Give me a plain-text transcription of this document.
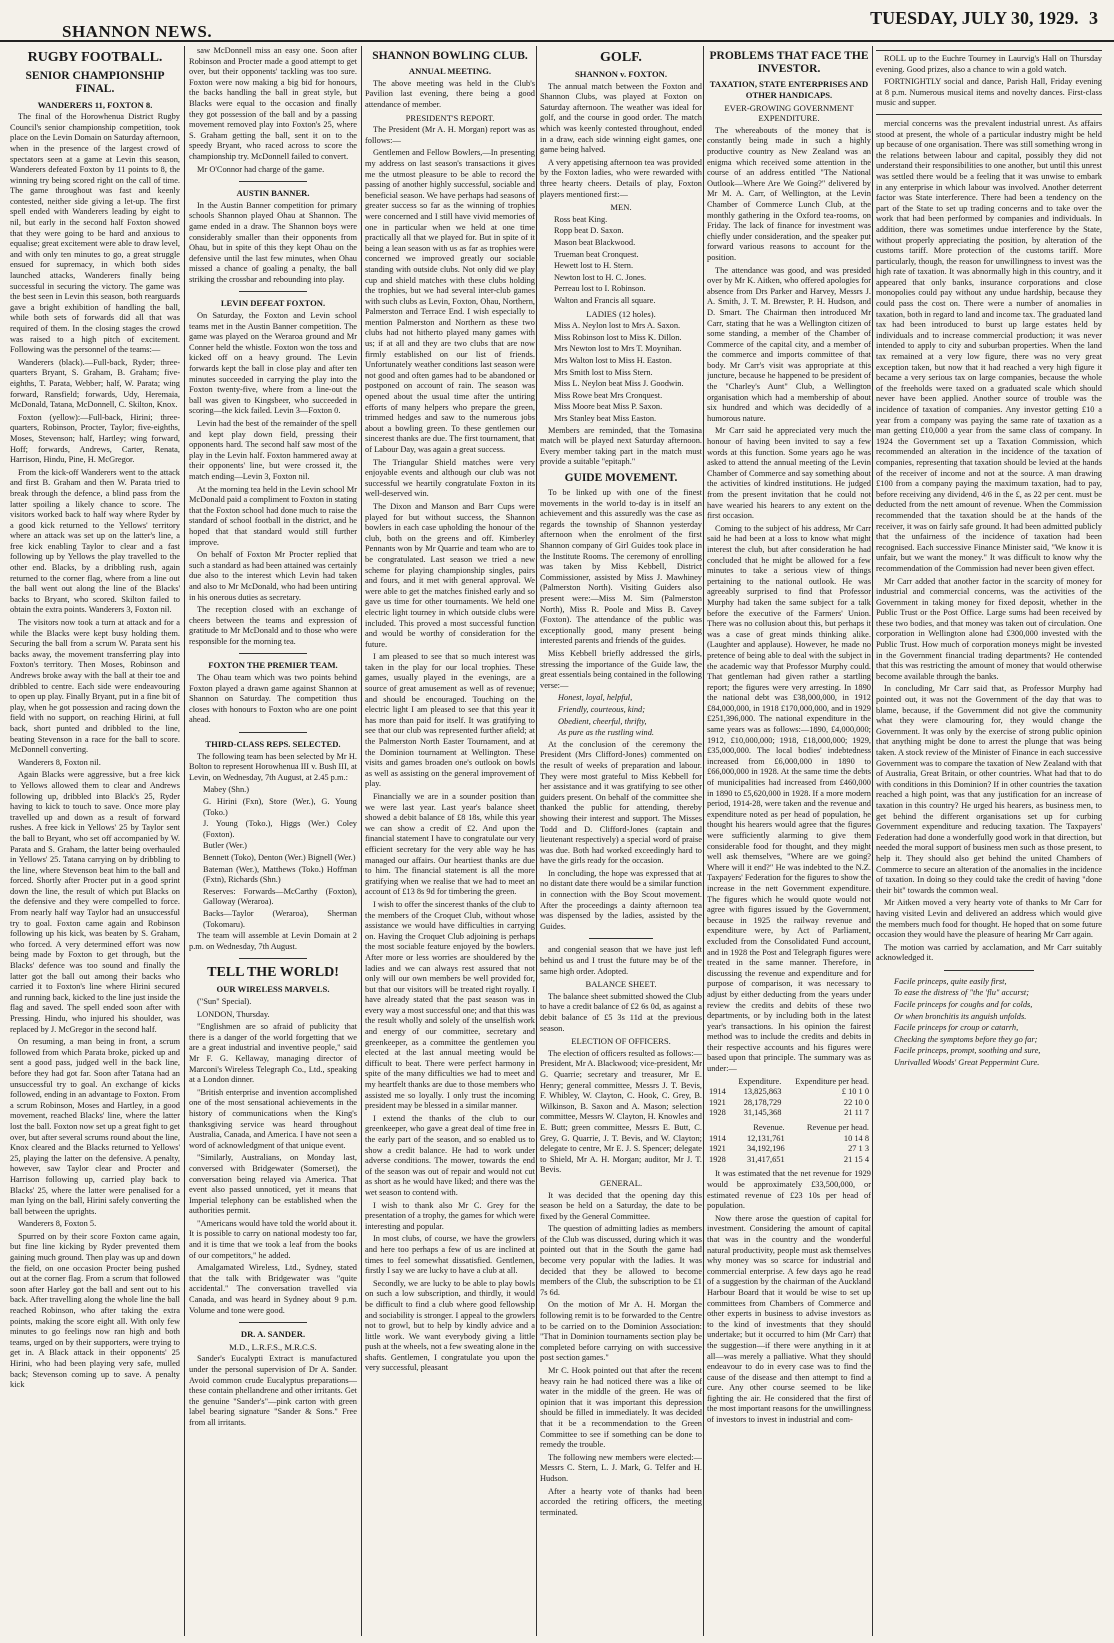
SHANNON NEWS.
TUESDAY, JULY 30, 1929. 3
RUGBY FOOTBALL.
SENIOR CHAMPIONSHIP FINAL.
WANDERERS 11, FOXTON 8.

The final of the Horowhenua District Rugby Council's senior championship competition, took place on the Levin Domain on Saturday afternoon, when in the presence of the largest crowd of spectators seen at a game at Levin this season, Wanderers defeated Foxton by 11 points to 8, the winning try being scored right on the call of time. The game throughout was fast and keenly contested, neither side giving a let-up. The first spell ended with Wanderers leading by eight to nil, but early in the second half Foxton showed that they were going to be hard and anxious to equalise; great excitement were able to draw level, and with only ten minutes to go, a great struggle ensued for supremacy, in which both sides launched attacks, Wanderers finally being successful in securing the victory. The game was the best seen in Levin this season, both rearguards gave a bright exhibition of handling the ball, while both sets of forwards did all that was required of them. In the closing stages the crowd was raised to a high pitch of excitement. Following was the personnel of the teams:—

Wanderers (black).—Full-back, Ryder; three-quarters Bryant, S. Graham, B. Graham; five-eighths, T. Parata, Webber; half, W. Parata; wing forward, Ransfield; forwards, Udy, Heremaia, McDonald, Tatana, McDonnell, C. Skilton, Knox.

Foxton (yellow):—Full-back, Hirini; three-quarters, Robinson, Procter, Taylor; five-eighths, Moses, Stevenson; half, Hartley; wing forward, Hoff; forwards, Andrews, Carter, Renata, Harrison, Hindu, Pine, H. McGregor.

From the kick-off Wanderers went to the attack and first B. Graham and then W. Parata tried to break through the defence, a blind pass from the latter spoiling a likely chance to score. The visitors worked back to half way where Ryder by a good kick returned to the Yellows' territory where an attack was set up on the latter's line, a free kick enabling Taylor to clear and a fast following up by Yellows the play travelled to the other end. Blacks, by a dribbling rush, again returned to the corner flag, where from a line out the ball went out along the line of the Blacks' backs to Bryant, who scored. Skilton failed to obtain the extra points. Wanderers 3, Foxton nil.

The visitors now took a turn at attack and for a while the Blacks were kept busy holding them. Securing the ball from a scrum W. Parata sent his backs away, the movement transferring play into Foxton's territory. Then Moses, Robinson and Andrews broke away with the ball at their toe and dribbled to centre. Each side were endeavouring to open up play. Finally Bryant, put in a fine bit of play, when he got possession and racing down the field with no support, on reaching Hirini, at full back, short punted and dribbled to the line, beating Stevenson in a race for the ball to score. McDonnell converting.

Wanderers 8, Foxton nil.

Again Blacks were aggressive, but a free kick to Yellows allowed them to clear and Andrews following up, dribbled into Black's 25, Ryder having to kick to touch to save. Once more play travelled up and down as a result of forward rushes. A free kick in Yellows' 25 by Taylor sent the ball to Bryant, who set off accompanied by W. Parata and S. Graham, the latter being overhauled in Yellows' 25. Tatana carrying on by dribbling to the line, where Stevenson beat him to the ball and forced. Shortly after Procter put in a good sprint down the line, the result of which put Blacks on the defensive and they were compelled to force. From nearly half way Taylor had an unsuccessful try to goal. Foxton came again and Robinson following up his kick, was beaten by S. Graham, who forced. A very determined effort was now being made by Foxton to get through, but the Blacks' defence was too sound and finally the latter got the ball out among their backs who carried it to Foxton's line where Hirini secured and running back, kicked to the line just inside the flag and saved. The spell ended soon after with Pressing. Hindu, who injured his shoulder, was replaced by J. McGregor in the second half.

On resuming, a man being in front, a scrum followed from which Parata broke, picked up and sent a good pass, judged well in the back line, before they had got far. Soon after Tatana had an unsuccessful try to goal. An exchange of kicks followed, ending in an advantage to Foxton. From a scrum Robinson, Moses and Hartley, in a good movement, reached Blacks' line, where the latter lost the ball. Foxton now set up a great fight to get over, but after several scrums round about the line, Knox cleared and the Blacks returned to Yellows' 25, playing the latter on the defensive. A penalty, however, saw Taylor clear and Procter and Harrison following up, carried play back to Blacks' 25, where the latter were penalised for a man lying on the ball, Hirini safely converting the ball between the uprights.

Wanderers 8, Foxton 5.

Spurred on by their score Foxton came again, but fine line kicking by Ryder prevented them gaining much ground. Then play was up and down the field, on one occasion Procter being pushed out at the corner flag. From a scrum that followed soon after Harley got the ball and sent out to his back. After travelling along the whole line the ball reached Robinson, who after taking the extra points, making the score eight all. With only few minutes to go feelings now ran high and both teams, urged on by their supporters, were trying to get in. A Black attack in their opponents' 25 Hirini, who had been playing very safe, mulled back; Stevenson coming up to save. A penalty kick

saw McDonnell miss an easy one. Soon after Robinson and Procter made a good attempt to get over, but their opponents' tackling was too sure. Foxton were now making a big bid for honours, the backs handling the ball in great style, but Blacks were equal to the occasion and finally they got possession of the ball and by a passing movement removed play into Foxton's 25, where S. Graham getting the ball, sent it on to the speedy Bryant, who raced across to score the championship try. McDonnell failed to convert.

Mr O'Connor had charge of the game.

AUSTIN BANNER.

In the Austin Banner competition for primary schools Shannon played Ohau at Shannon. The game ended in a draw. The Shannon boys were considerably smaller than their opponents from Ohau, but in spite of this they kept Ohau on the defensive until the last few minutes, when Ohau missed a chance of goaling a penalty, the ball striking the crossbar and rebounding into play.

LEVIN DEFEAT FOXTON.

On Saturday, the Foxton and Levin school teams met in the Austin Banner competition. The game was played on the Weraroa ground and Mr Conner held the whistle. Foxton won the toss and kicked off on a heavy ground. The Levin forwards kept the ball in close play and after ten minutes succeeded in carrying the play into the Foxton twenty-five, where from a line-out the ball was given to Kingsbeer, who succeeded in scoring—the kick failed. Levin 3—Foxton 0.

Levin had the best of the remainder of the spell and kept play down field, pressing their opponents hard. The second half saw most of the play in the Levin half. Foxton hammered away at their opponents' line, but were crossed it, the match ending—Levin 3, Foxton nil.

At the morning tea held in the Levin school Mr McDonald paid a compliment to Foxton in stating that the Foxton school had done much to raise the standard of school football in the district, and he hoped that that standard would still further improve.

On behalf of Foxton Mr Procter replied that such a standard as had been attained was certainly due also to the interest which Levin had taken and also to Mr McDonald, who had been untiring in his onerous duties as secretary.

The reception closed with an exchange of cheers between the teams and expression of gratitude to Mr McDonald and to those who were responsible for the morning tea.

FOXTON THE PREMIER TEAM.

The Ohau team which was two points behind Foxton played a drawn game against Shannon at Shannon on Saturday. The competition thus closes with honours to Foxton who are one point ahead.

THIRD-CLASS REPS. SELECTED.

The following team has been selected by Mr H. Bolton to represent Horowhenua III v. Bush III, at Levin, on Wednesday, 7th August, at 2.45 p.m.:

Mabey (Shn.)

G. Hirini (Fxn), Store (Wer.), G. Young (Toko.)

J. Young (Toko.), Higgs (Wer.) Coley (Foxton).

Butler (Wer.)

Bennett (Toko), Denton (Wer.) Bignell (Wer.)

Bateman (Wer.), Matthews (Toko.) Hoffman (Fxtn), Richards (Shn.)

Reserves: Forwards—McCarthy (Foxton), Galloway (Weraroa).

Backs—Taylor (Weraroa), Sherman (Tokomaru).

The team will assemble at Levin Domain at 2 p.m. on Wednesday, 7th August.

TELL THE WORLD!
OUR WIRELESS MARVELS.

("Sun" Special).

LONDON, Thursday.

"Englishmen are so afraid of publicity that there is a danger of the world forgetting that we are a great industrial and inventive people," said Mr F. G. Kellaway, managing director of Marconi's Wireless Telegraph Co., Ltd., speaking at a London dinner.

"British enterprise and invention accomplished one of the most sensational achievements in the history of communications when the King's thanksgiving service was heard throughout Australia, Canada, and America. I have not seen a word of acknowledgment of that unique event.

"Similarly, Australians, on Monday last, conversed with Bridgewater (Somerset), the conversation being relayed via America. That event also passed unnoticed, yet it means that Imperial telephony can be established when the authorities permit.

"Americans would have told the world about it. It is possible to carry on national modesty too far, and it is time that we took a leaf from the books of our competitors," he added.

Amalgamated Wireless, Ltd., Sydney, stated that the talk with Bridgewater was "quite accidental." The conversation travelled via Canada, and was heard in Sydney about 9 p.m. Volume and tone were good.

DR. A. SANDER.
M.D., L.R.F.S., M.R.C.S.

Sander's Eucalypti Extract is manufactured under the personal supervision of Dr A. Sander. Avoid common crude Eucalyptus preparations—these contain phellandrene and other irritants. Get the genuine "Sander's"—pink carton with green label bearing signature "Sander & Sons." Free from all irritants.

SHANNON BOWLING CLUB.
ANNUAL MEETING.

The above meeting was held in the Club's Pavilion last evening, there being a good attendance of member.

PRESIDENT'S REPORT.

The President (Mr A. H. Morgan) report was as follows:—

Gentlemen and Fellow Bowlers,—In presenting my address on last season's transactions it gives me the utmost pleasure to be able to record the passing of another highly successful, sociable and beneficial season. We have perhaps had seasons of greater success so far as the winning of trophies were concerned and I still have vivid memories of one in particular when we held at one time practically all that we played for. But in spite of it being a lean season with us as far as trophies were concerned we improved greatly our sociable standing with outside clubs. Not only did we play cup and shield matches with these clubs holding the trophies, but we had several inter-club games with such clubs as Levin, Foxton, Ohau, Northern, Palmerston and Terrace End. I wish especially to mention Palmerston and Northern as these two clubs had not hitherto played many games with us; if at all and they are two clubs that are now firmly established on our list of friends. Unfortunately weather conditions last season were not good and often games had to be abandoned or postponed on account of rain. The season was opened about the usual time after the untiring efforts of many helpers who prepare the green, trimmed hedges and saw to the numerous jobs about a bowling green. To these gentlemen our sincerest thanks are due. The first tournament, that of Labour Day, was again a great success.

The Triangular Shield matches were very enjoyable events and although our club was not successful we heartily congratulate Foxton in its well-deserved win.

The Dixon and Manson and Barr Cups were played for but without success, the Shannon bowlers in each case upholding the honour of the club, both on the greens and off. Kimberley Pennants won by Mr Quarrie and team who are to be congratulated. Last season we tried a new scheme for playing championship singles, pairs and fours, and it met with general approval. We were able to get the matches finished early and so gave us time for other tournaments. We held one electric light tourney in which outside clubs were included. This proved a most successful function and would be worthy of consideration for the future.

I am pleased to see that so much interest was taken in the play for our local trophies. These games, usually played in the evenings, are a source of great amusement as well as of revenue; and should be encouraged. Touching on the electric light I am pleased to see that this year it has more than paid for itself. It was gratifying to see that our club was represented further afield; at the Palmerston North Easter Tournament, and at the Dominion tournament at Wellington. These visits and games broaden one's outlook on bowls as well as assisting on the general improvement of play.

Financially we are in a sounder position than we were last year. Last year's balance sheet showed a debit balance of £8 18s, while this year we can show a credit of £2. And upon the financial statement I have to congratulate our very efficient secretary for the very able way he has managed our affairs. Our heartiest thanks are due to him. The financial statement is all the more gratifying when we realise that we had to meet an account of £13 8s 9d for timbering the green.

I wish to offer the sincerest thanks of the club to the members of the Croquet Club, without whose assistance we would have difficulties in carrying on. Having the Croquet Club adjoining is perhaps the most sociable feature enjoyed by the bowlers. After more or less worries are shouldered by the ladies and we can always rest assured that not only will our own members be well provided for, but that our visitors will be treated right royally. I have already stated that the past season was in every way a most successful one; and that this was the result wholly and solely of the unselfish work and energy of our committee, secretary and greenkeeper, as a committee the gentlemen you elected at the last annual meeting would be difficult to beat. There were perfect harmony in spite of the many difficulties we had to meet and my heartfelt thanks are due to those members who assisted me so loyally. I only trust the incoming president may be blessed in a similar manner.

I extend the thanks of the club to our greenkeeper, who gave a great deal of time free in the early part of the season, and so enabled us to show a credit balance. He had to work under adverse conditions. The mower, towards the end of the season was out of repair and would not cut as short as he would have liked; and there was the wet season to contend with.

I wish to thank also Mr C. Grey for the presentation of a trophy, the games for which were interesting and popular.

In most clubs, of course, we have the growlers and here too perhaps a few of us are inclined at times to feel somewhat dissatisfied. Gentlemen, firstly I say we are lucky to have a club at all.

Secondly, we are lucky to be able to play bowls on such a low subscription, and thirdly, it would be difficult to find a club where good fellowship and sociability is stronger. I appeal to the growlers not to growl, but to help by kindly advice and a little work. We want everybody giving a little push at the wheels, not a few sweating alone in the shafts. Gentlemen, I congratulate you upon the very successful, pleasant

GOLF.
SHANNON v. FOXTON.

The annual match between the Foxton and Shannon Clubs, was played at Foxton on Saturday afternoon. The weather was ideal for golf, and the course in good order. The match which was keenly contested throughout, ended in a draw, each side winning eight games, one game being halved.

A very appetising afternoon tea was provided by the Foxton ladies, who were rewarded with three hearty cheers. Details of play, Foxton players mentioned first:—

MEN.

Ross beat King.

Ropp beat D. Saxon.

Mason beat Blackwood.

Trueman beat Cronquest.

Hewett lost to H. Stern.

Newton lost to H. C. Jones.

Perreau lost to I. Robinson.

Walton and Francis all square.

LADIES (12 holes).

Miss A. Neylon lost to Mrs A. Saxon.

Miss Robinson lost to Miss K. Dillon.

Mrs Newton lost to Mrs T. Moynihan.

Mrs Walton lost to Miss H. Easton.

Mrs Smith lost to Miss Stern.

Miss L. Neylon beat Miss J. Goodwin.

Miss Rowe beat Mrs Cronquest.

Miss Moore beat Miss P. Saxon.

Mrs Stanley beat Miss Easton.

Members are reminded, that the Tomasina match will be played next Saturday afternoon. Every member taking part in the match must provide a suitable "epitaph."

GUIDE MOVEMENT.

To be linked up with one of the finest movements in the world to-day is in itself an achievement and this assuredly was the case as regards the township of Shannon yesterday afternoon when the enrolment of the first Shannon company of Girl Guides took place in the Institute Rooms. The ceremony of enrolling was taken by Miss Kebbell, District Commissioner, assisted by Miss J. Mawhiney (Palmerston North). Visiting Guiders also present were:—Miss M. Sim (Palmerston North), Miss R. Poole and Miss B. Cavey (Foxton). The attendance of the public was exceptionally good, many present being interested parents and friends of the guides.

Miss Kebbell briefly addressed the girls, stressing the importance of the Guide law, the great essentials being contained in the following verse:—

Honest, loyal, helpful,

Friendly, courteous, kind;

Obedient, cheerful, thrifty,

As pure as the rustling wind.

At the conclusion of the ceremony the President (Mrs Clifford-Jones) commented on the result of weeks of preparation and labour. They were most grateful to Miss Kebbell for her assistance and it was gratifying to see other guiders present. On behalf of the committee she thanked the public for attending, thereby showing their interest and support. The Misses Todd and D. Clifford-Jones (captain and lieutenant respectively) a special word of praise was due. Both had worked exceedingly hard to have the girls ready for the occasion.

In concluding, the hope was expressed that at no distant date there would be a similar function in connection with the Boy Scout movement. After the proceedings a dainty afternoon tea was dispensed by the ladies, assisted by the Guides.

and congenial season that we have just left behind us and I trust the future may be of the same high order. Adopted.

BALANCE SHEET.

The balance sheet submitted showed the Club to have a credit balance of £2 6s 0d, as against a debit balance of £5 3s 11d at the previous season.

ELECTION OF OFFICERS.

The election of officers resulted as follows:—President, Mr A. Blackwood; vice-president, Mr G. Quarrie; secretary and treasurer, Mr E. Henry; general committee, Messrs J. T. Bevis, F. Whibley, W. Clayton, C. Hook, C. Grey, B. Wilkinson, B. Saxon and A. Mason; selection committee, Messrs W. Clayton, H. Knowles and E. Butt; green committee, Messrs E. Butt, C. Grey, G. Quarrie, J. T. Bevis, and W. Clayton; delegate to centre, Mr E. J. S. Spencer; delegate to Shield, Mr A. H. Morgan; auditor, Mr J. T. Bevis.

GENERAL.

It was decided that the opening day this season be held on a Saturday, the date to be fixed by the General Committee.

The question of admitting ladies as members of the Club was discussed, during which it was pointed out that in the South the game had become very popular with the ladies. It was decided that they be allowed to become members of the Club, the subscription to be £1 7s 6d.

On the motion of Mr A. H. Morgan the following remit is to be forwarded to the Centre to be carried on to the Dominion Association: "That in Dominion tournaments section play be completed before carrying on with successive post section games."

Mr C. Hook pointed out that after the recent heavy rain he had noticed there was a like of water in the middle of the green. He was of opinion that it was important this depression should be filled in immediately. It was decided that it be a recommendation to the Green Committee to see if something can be done to remedy the trouble.

The following new members were elected:—Messrs C. Stern, L. J. Mark, G. Telfer and H. Hudson.

After a hearty vote of thanks had been accorded the retiring officers, the meeting terminated.

PROBLEMS THAT FACE THE INVESTOR.
TAXATION, STATE ENTERPRISES AND OTHER HANDICAPS.
EVER-GROWING GOVERNMENT EXPENDITURE.

The whereabouts of the money that is constantly being made in such a highly productive country as New Zealand was an enigma which received some attention in the course of an address entitled "The National Outlook—Where Are We Going?" delivered by Mr M. A. Carr, of Wellington, at the Levin Chamber of Commerce Lunch Club, at the monthly gathering in the Oxford tea-rooms, on Friday. The lack of finance for investment was chiefly under consideration, and the speaker put forward various reasons to account for the position.

The attendance was good, and was presided over by Mr K. Aitken, who offered apologies for absence from Drs Parker and Harvey, Messrs J. A. Smith, J. T. M. Brewster, P. H. Hudson, and D. Smart. The Chairman then introduced Mr Carr, stating that he was a Wellington citizen of some standing, a member of the Chamber of Commerce of the capital city, and a member of the commerce and imports committee of that body. Mr Carr's visit was appropriate at this juncture, because he happened to be president of the "Charley's Aunt" Club, a Wellington organisation which had a membership of about six hundred and which was decidedly of a humorous nature.

Mr Carr said he appreciated very much the honour of having been invited to say a few words at this function. Some years ago he was asked to attend the annual meeting of the Levin Chamber of Commerce and say something about the activities of kindred institutions. He judged from the present invitation that he could not have wearied his hearers to any extent on the first occasion.

Coming to the subject of his address, Mr Carr said he had been at a loss to know what might interest the club, but after consideration he had concluded that he might be allowed for a few minutes to take a serious view of things pertaining to the national outlook. He was agreeably surprised to find that Professor Murphy had taken the same subject for a talk before the executive of the Farmers' Union. There was no collusion about this, but perhaps it was a case of great minds thinking alike. (Laughter and applause). However, he made no pretence of being able to deal with the subject in the academic way that Professor Murphy could. That gentleman had given rather a startling report; the figures were very arresting. In 1890 the national debt was £38,000,000, in 1912 £84,000,000, in 1918 £170,000,000, and in 1929 £251,396,000. The national expenditure in the same years was as follows:—1890, £4,000,000; 1912, £10,000,000; 1918, £18,000,000; 1929, £35,000,000. The local bodies' indebtedness increased from £6,000,000 in 1890 to £66,000,000 in 1928. At the same time the debts of municipalities had increased from £460,000 in 1890 to £5,620,000 in 1928. If a more modern period, 1914-28, were taken and the revenue and expenditure noted as per head of population, he thought his hearers would agree that the figures were sufficiently alarming to give them considerable food for thought, and they might well ask themselves, "Where are we going? Where will it end?" He was indebted to the N.Z. Taxpayers' Federation for the figures to show the increase in the nett Government expenditure. The figures which he would quote would not agree with figures issued by the Government, because in 1925 the railway revenue and expenditure were, by Act of Parliament, excluded from the Consolidated Fund account, and in 1928 the Post and Telegraph figures were treated in the same manner. Therefore, in discussing the revenue and expenditure and for purpose of comparison, it was necessary to adjust by either deducting from the years under review the credits and debits of these two departments, or by including both in the latest year's transactions. In his opinion the fairest method was to include the credits and debits in their respective accounts and his figures were based upon that principle. The summary was as under:—

	Expenditure.	Expenditure per head.
1914	13,825,863	£ 10 1 0
1921	28,178,729	22 10 0
1928	31,145,368	21 11 7
	Revenue.	Revenue per head.
1914	12,131,761	10 14 8
1921	34,192,196	27 1 3
1928	31,417,651	21 15 4

It was estimated that the net revenue for 1929 would be approximately £33,500,000, or estimated revenue of £23 10s per head of population.

Now there arose the question of capital for investment. Considering the amount of capital that was in the country and the wonderful natural productivity, people must ask themselves why money was so scarce for industrial and commercial enterprise. A few days ago he read of a suggestion by the chairman of the Auckland Harbour Board that it would be wise to set up committees from Chambers of Commerce and other experts in business to advise investors as to the kind of investments that they should undertake; but it occurred to him (Mr Carr) that the suggestion—if there were anything in it at all—was merely a palliative. What they should endeavour to do in every case was to find the cause of the disease and then attempt to find a cure. Any other course seemed to be like fighting the air. He considered that the first of the most important reasons for the unwillingness of investors to invest in industrial and com-

ROLL up to the Euchre Tourney in Laurvig's Hall on Thursday evening. Good prizes, also a chance to win a gold watch.

FORTNIGHTLY social and dance, Parish Hall, Friday evening at 8 p.m. Numerous musical items and novelty dances. First-class music and supper.

mercial concerns was the prevalent industrial unrest. As affairs stood at present, the whole of a particular industry might be held up because of one organisation. There was still something wrong in the relations between labour and capital, possibly they did not understand their responsibilities to one another, but until this unrest was settled there would be a feeling that it was unwise to embark in any enterprise in which labour was involved. Another deterrent factor was State interference. There had been a tendency on the part of the State to set up trading concerns and to take over the work that had been performed by companies and individuals. In addition, there was sometimes undue interference by the State, without properly appreciating the position, by alteration of the customs tariff. More protection of the customs tariff. More particularly, though, the reason for unwillingness to invest was the high rate of taxation. It was abnormally high in this country, and it appeared that only banks, insurance corporations and close monopolies could pay without any undue hardship, because they could pass the cost on. There were a number of anomalies in taxation, both in regard to land and income tax. The graduated land tax had been introduced to burst up large estates held by individuals and to increase commercial production; it was never intended to apply to city and suburban properties. When the land tax remained at a very low figure, there was no very great exception taken, but now that it had reached a very high figure it became a very serious tax on large companies, because the whole of the freeholds were taxed on a graduated scale which should never have been applied. Another source of trouble was the incidence of taxation of companies. Any investor getting £10 a year from a company was paying the same rate of taxation as a man getting £10,000 a year from the same class of company. In 1924 the Government set up a Taxation Commission, which recommended an alteration in the incidence of the taxation of companies, representing that taxation should be levied at the hands of the receiver of income and not at the source. A man drawing £100 from a company paying the maximum taxation, had to pay, before receiving any dividend, 4/6 in the £, as 22 per cent. must be deducted from the nett amount of revenue. When the Commission recommended that the taxation should be at the hands of the receiver, it was on fairly safe ground. It had been admitted publicly that the unfairness of the incidence of taxation had been recognised. Each successive Finance Minister said, "We know it is unfair, but we want the money." It was difficult to know why the recommendation of the Commission had never been given effect.

Mr Carr added that another factor in the scarcity of money for industrial and commercial concerns, was the activities of the Government in taking money for fixed deposit, whether in the Public Trust or the Post Office. Large sums had been received by these two bodies, and that money was taken out of circulation. One corporation in Wellington alone had £300,000 invested with the Public Trust. How much of corporation moneys might be invested in the Government financial trading departments? He contended that this was restricting the amount of money that would otherwise become available through the banks.

In concluding, Mr Carr said that, as Professor Murphy had pointed out, it was not the Government of the day that was to blame, because, if the Government did not give the community what they were clamouring for, they would change the Government. It was only by the exercise of strong public opinion that anything might be done to arrest the plunge that was being taken. A stock review of the Minister of Finance in each successive Government was to compare the taxation of New Zealand with that of Australia, Great Britain, or other countries. What had that to do with conditions in this Dominion? If in other countries the taxation reached a high point, was that any justification for an increase of taxation in this country? He urged his hearers, as business men, to get behind the different organisations set up for curbing Government expenditure and reducing taxation. The Taxpayers' Federation had done a wonderfully good work in that direction, but needed the moral support of business men such as those present, to help it. They should also get behind the united Chambers of Commerce to secure an alteration of the anomalies in the incidence of taxation. In doing so they could take the credit of having "done their bit" towards the common weal.

Mr Aitken moved a very hearty vote of thanks to Mr Carr for having visited Levin and delivered an address which would give the members much food for thought. He hoped that on some future occasion they would have the pleasure of hearing Mr Carr again.

The motion was carried by acclamation, and Mr Carr suitably acknowledged it.

Facile princeps, quite easily first,

To ease the distress of "the 'flu" accurst;

Facile princeps for coughs and for colds,

Or when bronchitis its anguish unfolds.

Facile princeps for croup or catarrh,

Checking the symptoms before they go far;

Facile princeps, prompt, soothing and sure,

Unrivalled Woods' Great Peppermint Cure.
